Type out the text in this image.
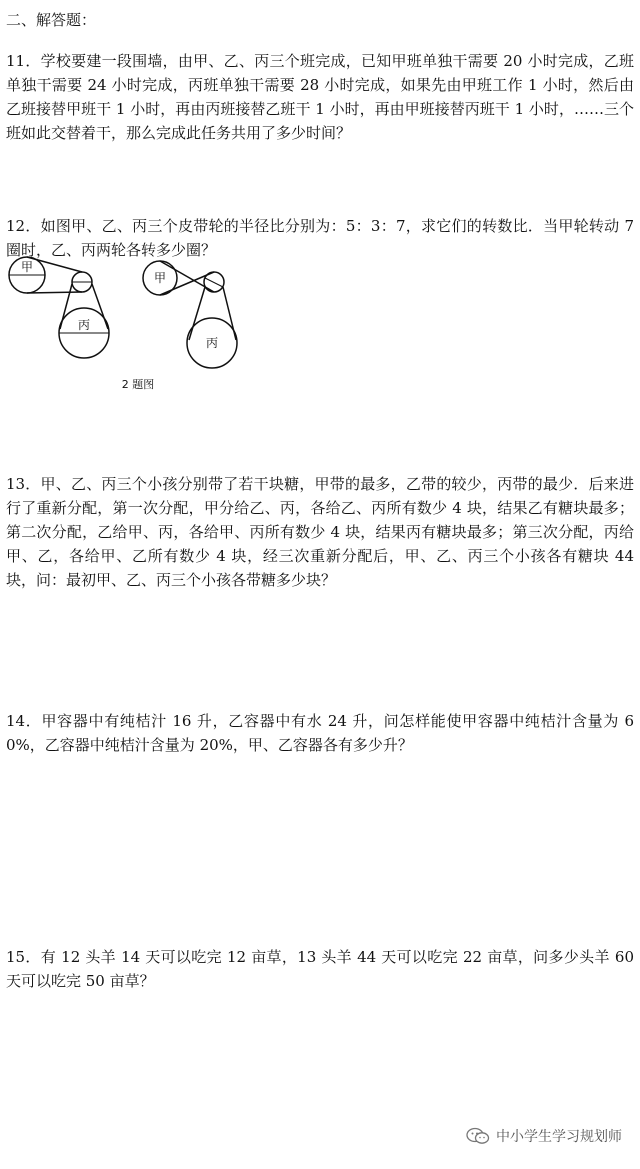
二、解答题：

11．学校要建一段围墙，由甲、乙、丙三个班完成，已知甲班单独干需要 20 小时完成，乙班单独干需要 24 小时完成，丙班单独干需要 28 小时完成，如果先由甲班工作 1 小时，然后由乙班接替甲班干 1 小时，再由丙班接替乙班干 1 小时，再由甲班接替丙班干 1 小时，……三个班如此交替着干，那么完成此任务共用了多少时间？

12．如图甲、乙、丙三个皮带轮的半径比分别为：5：3：7，求它们的转数比．当甲轮转动 7 圈时，乙、丙两轮各转多少圈？

甲
丙
甲
丙
2 题图

13．甲、乙、丙三个小孩分别带了若干块糖，甲带的最多，乙带的较少，丙带的最少．后来进行了重新分配，第一次分配，甲分给乙、丙，各给乙、丙所有数少 4 块，结果乙有糖块最多；第二次分配，乙给甲、丙，各给甲、丙所有数少 4 块，结果丙有糖块最多；第三次分配，丙给甲、乙，各给甲、乙所有数少 4 块，经三次重新分配后，甲、乙、丙三个小孩各有糖块 44 块，问：最初甲、乙、丙三个小孩各带糖多少块？

14．甲容器中有纯桔汁 16 升，乙容器中有水 24 升，问怎样能使甲容器中纯桔汁含量为 60%，乙容器中纯桔汁含量为 20%，甲、乙容器各有多少升？

15．有 12 头羊 14 天可以吃完 12 亩草，13 头羊 44 天可以吃完 22 亩草，问多少头羊 60 天可以吃完 50 亩草？

中小学生学习规划师
